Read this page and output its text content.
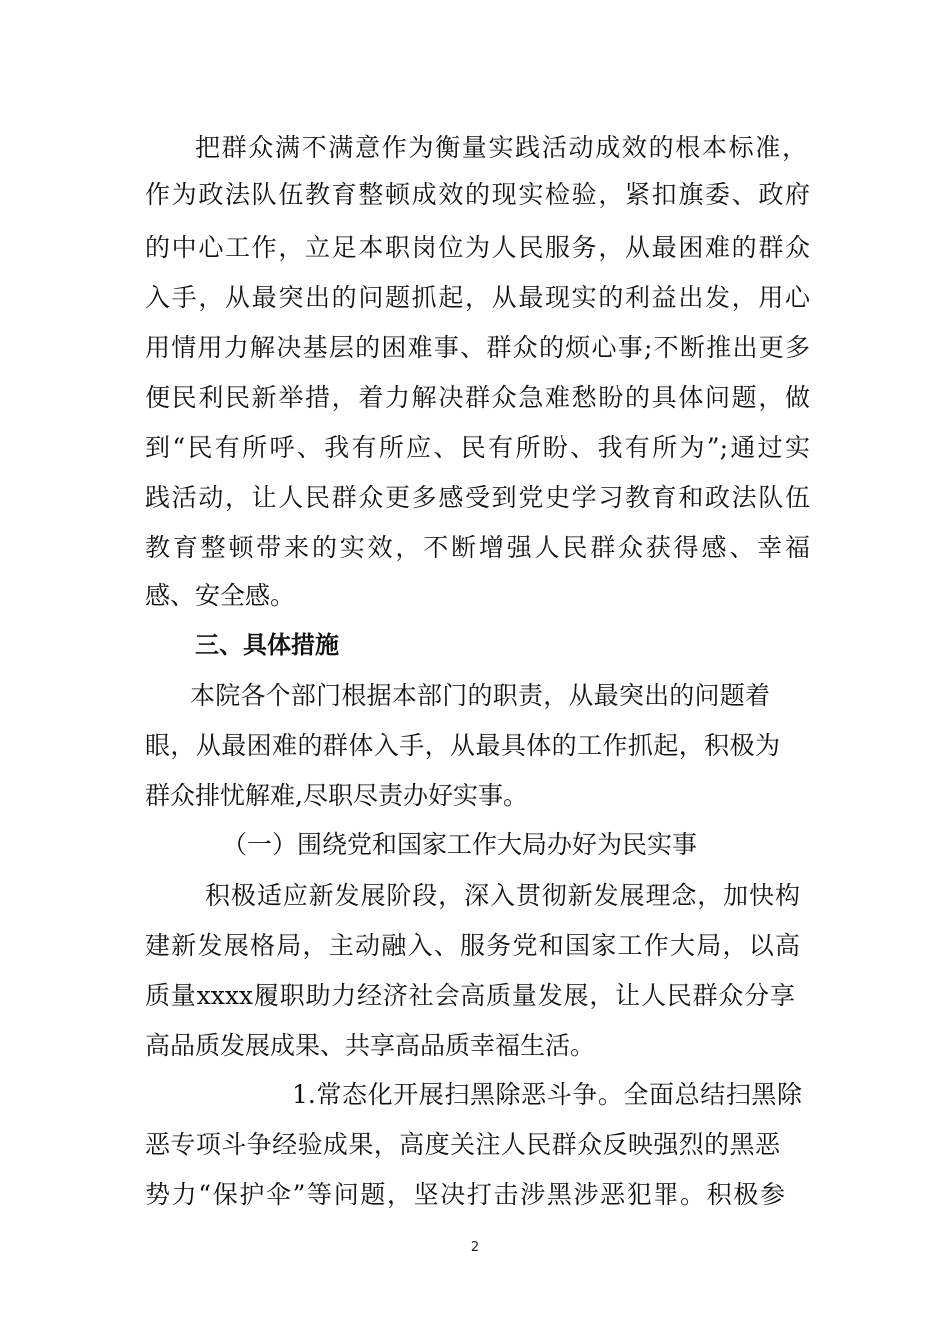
把群众满不满意作为衡量实践活动成效的根本标准，
作为政法队伍教育整顿成效的现实检验，紧扣旗委、政府
的中心工作，立足本职岗位为人民服务，从最困难的群众
入手，从最突出的问题抓起，从最现实的利益出发，用心
用情用力解决基层的困难事、群众的烦心事;不断推出更多
便民利民新举措，着力解决群众急难愁盼的具体问题，做
到“民有所呼、我有所应、民有所盼、我有所为”;通过实
践活动，让人民群众更多感受到党史学习教育和政法队伍
教育整顿带来的实效，不断增强人民群众获得感、幸福
感、安全感。
三、具体措施
本院各个部门根据本部门的职责，从最突出的问题着
眼，从最困难的群体入手，从最具体的工作抓起，积极为
群众排忧解难,尽职尽责办好实事。
（一）围绕党和国家工作大局办好为民实事
积极适应新发展阶段，深入贯彻新发展理念，加快构
建新发展格局，主动融入、服务党和国家工作大局，以高
质量xxxx履职助力经济社会高质量发展，让人民群众分享
高品质发展成果、共享高品质幸福生活。
1.常态化开展扫黑除恶斗争。全面总结扫黑除
恶专项斗争经验成果，高度关注人民群众反映强烈的黑恶
势力“保护伞”等问题，坚决打击涉黑涉恶犯罪。积极参
2
